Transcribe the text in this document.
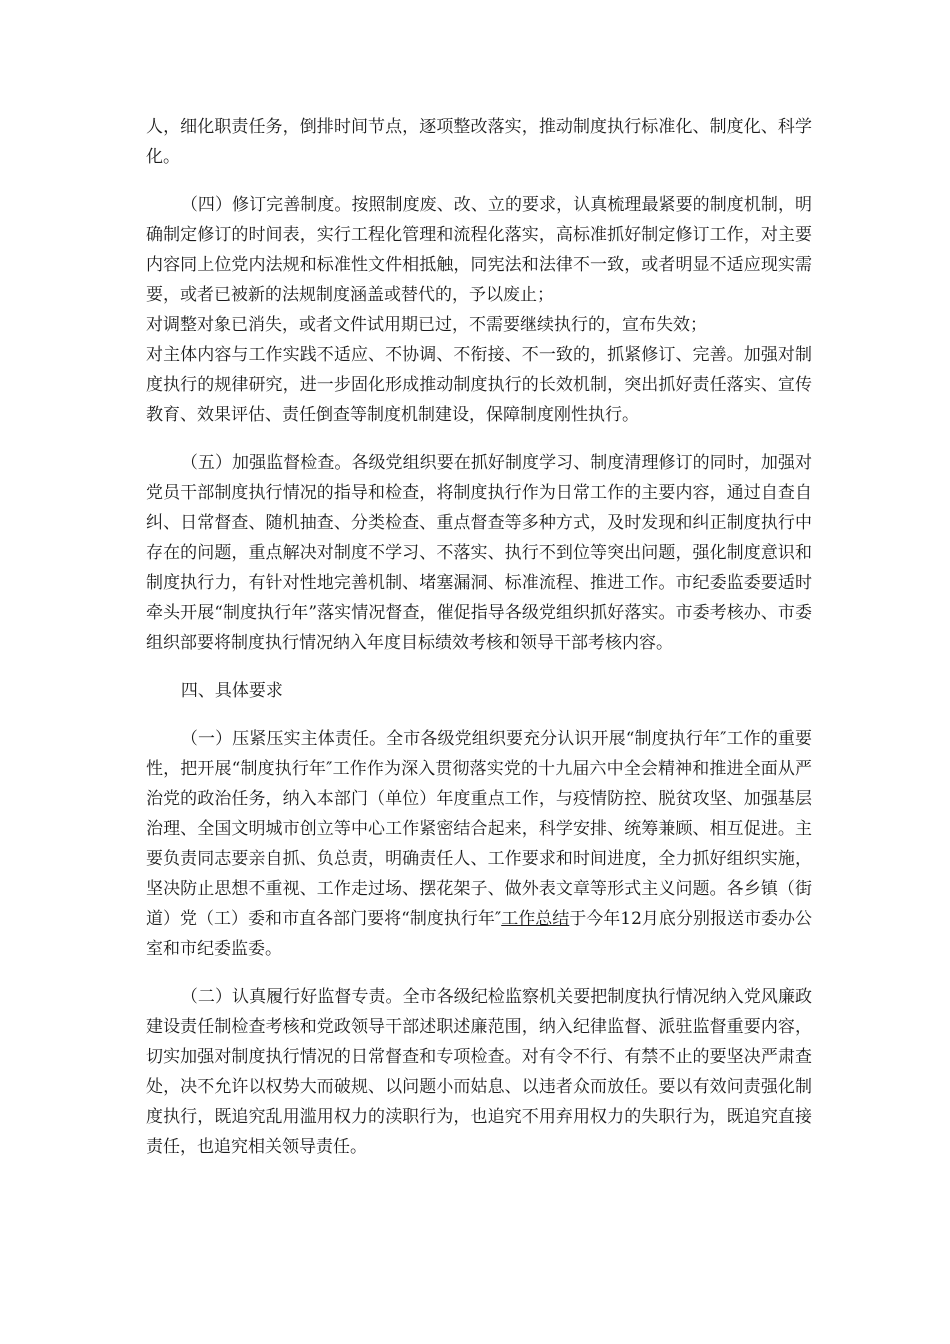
人，细化职责任务，倒排时间节点，逐项整改落实，推动制度执行标准化、制度化、科学化。

（四）修订完善制度。按照制度废、改、立的要求，认真梳理最紧要的制度机制，明确制定修订的时间表，实行工程化管理和流程化落实，高标准抓好制定修订工作，对主要内容同上位党内法规和标准性文件相抵触，同宪法和法律不一致，或者明显不适应现实需要，或者已被新的法规制度涵盖或替代的，予以废止；

对调整对象已消失，或者文件试用期已过，不需要继续执行的，宣布失效；

对主体内容与工作实践不适应、不协调、不衔接、不一致的，抓紧修订、完善。加强对制度执行的规律研究，进一步固化形成推动制度执行的长效机制，突出抓好责任落实、宣传教育、效果评估、责任倒查等制度机制建设，保障制度刚性执行。

（五）加强监督检查。各级党组织要在抓好制度学习、制度清理修订的同时，加强对党员干部制度执行情况的指导和检查，将制度执行作为日常工作的主要内容，通过自查自纠、日常督查、随机抽查、分类检查、重点督查等多种方式，及时发现和纠正制度执行中存在的问题，重点解决对制度不学习、不落实、执行不到位等突出问题，强化制度意识和制度执行力，有针对性地完善机制、堵塞漏洞、标准流程、推进工作。市纪委监委要适时牵头开展“制度执行年”落实情况督查，催促指导各级党组织抓好落实。市委考核办、市委组织部要将制度执行情况纳入年度目标绩效考核和领导干部考核内容。

四、具体要求

（一）压紧压实主体责任。全市各级党组织要充分认识开展“制度执行年″工作的重要性，把开展“制度执行年″工作作为深入贯彻落实党的十九届六中全会精神和推进全面从严治党的政治任务，纳入本部门（单位）年度重点工作，与疫情防控、脱贫攻坚、加强基层治理、全国文明城市创立等中心工作紧密结合起来，科学安排、统筹兼顾、相互促进。主要负责同志要亲自抓、负总责，明确责任人、工作要求和时间进度，全力抓好组织实施，坚决防止思想不重视、工作走过场、摆花架子、做外表文章等形式主义问题。各乡镇（街道）党（工）委和市直各部门要将“制度执行年″工作总结于今年12月底分别报送市委办公室和市纪委监委。

（二）认真履行好监督专责。全市各级纪检监察机关要把制度执行情况纳入党风廉政建设责任制检查考核和党政领导干部述职述廉范围，纳入纪律监督、派驻监督重要内容，切实加强对制度执行情况的日常督查和专项检查。对有令不行、有禁不止的要坚决严肃查处，决不允许以权势大而破规、以问题小而姑息、以违者众而放任。要以有效问责强化制度执行，既追究乱用滥用权力的渎职行为，也追究不用弃用权力的失职行为，既追究直接责任，也追究相关领导责任。
